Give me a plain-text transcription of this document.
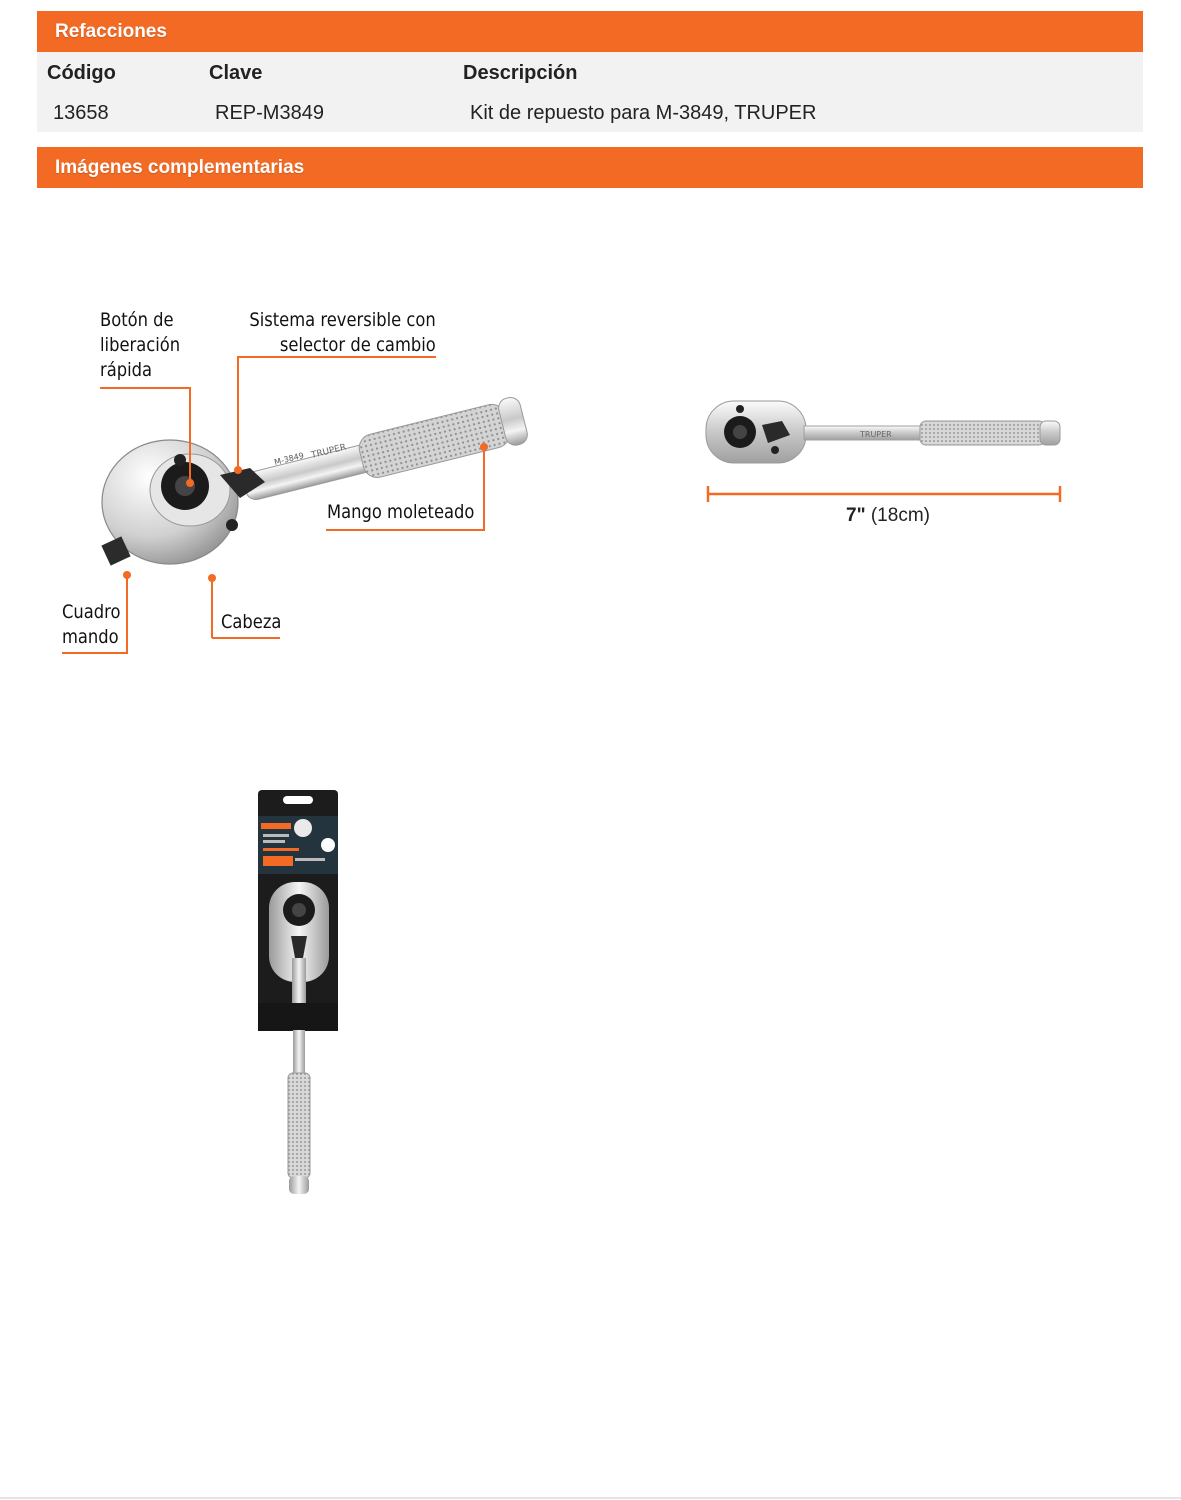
Refacciones
Código	Clave	Descripción
13658	REP-M3849	Kit de repuesto para M-3849, TRUPER
Imágenes complementarias
M-3849 TRUPER
Botón de
liberación
rápida
Sistema reversible con
selector de cambio
Mango moleteado
Cuadro
mando
Cabeza
TRUPER
7" (18cm)
